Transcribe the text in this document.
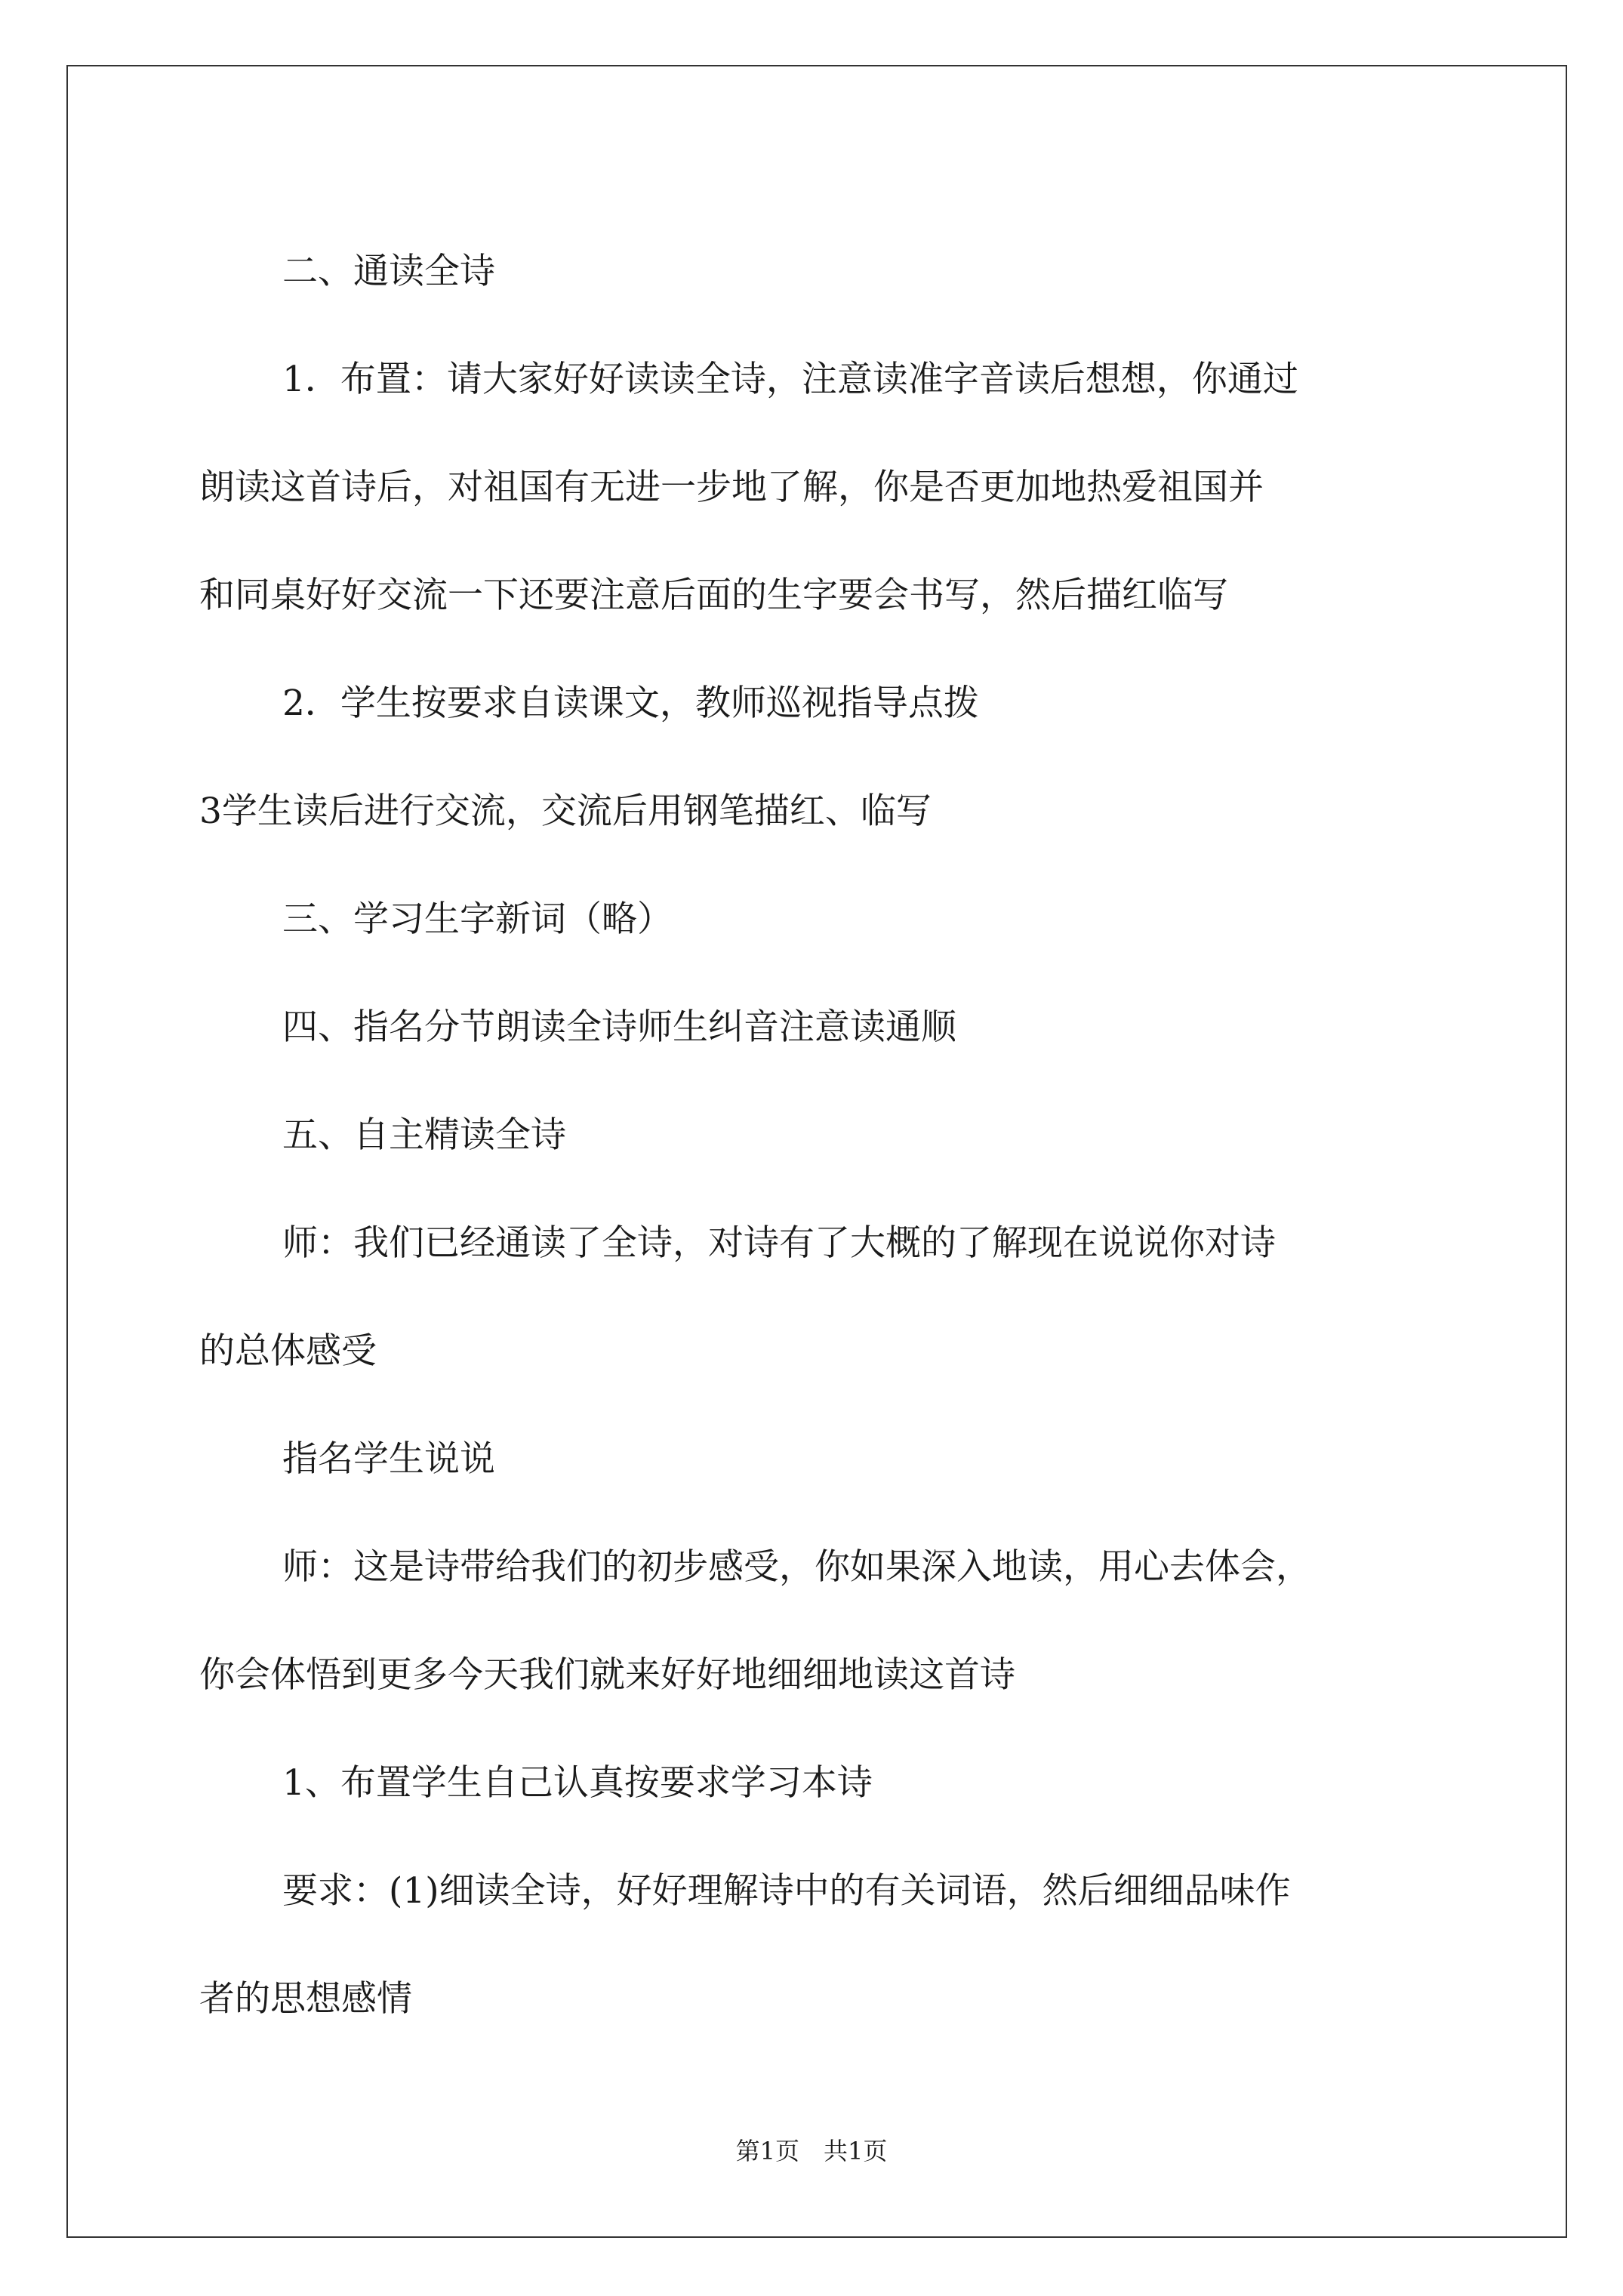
二、通读全诗

1．布置：请大家好好读读全诗，注意读准字音读后想想，你通过

朗读这首诗后，对祖国有无进一步地了解，你是否更加地热爱祖国并

和同桌好好交流一下还要注意后面的生字要会书写，然后描红临写

2．学生按要求自读课文，教师巡视指导点拨

3学生读后进行交流，交流后用钢笔描红、临写

三、学习生字新词（略）

四、指名分节朗读全诗师生纠音注意读通顺

五、自主精读全诗

师：我们已经通读了全诗，对诗有了大概的了解现在说说你对诗

的总体感受

指名学生说说

师：这是诗带给我们的初步感受，你如果深入地读，用心去体会，

你会体悟到更多今天我们就来好好地细细地读这首诗

1、布置学生自己认真按要求学习本诗

要求：(1)细读全诗，好好理解诗中的有关词语，然后细细品味作

者的思想感情

第1页　共1页
